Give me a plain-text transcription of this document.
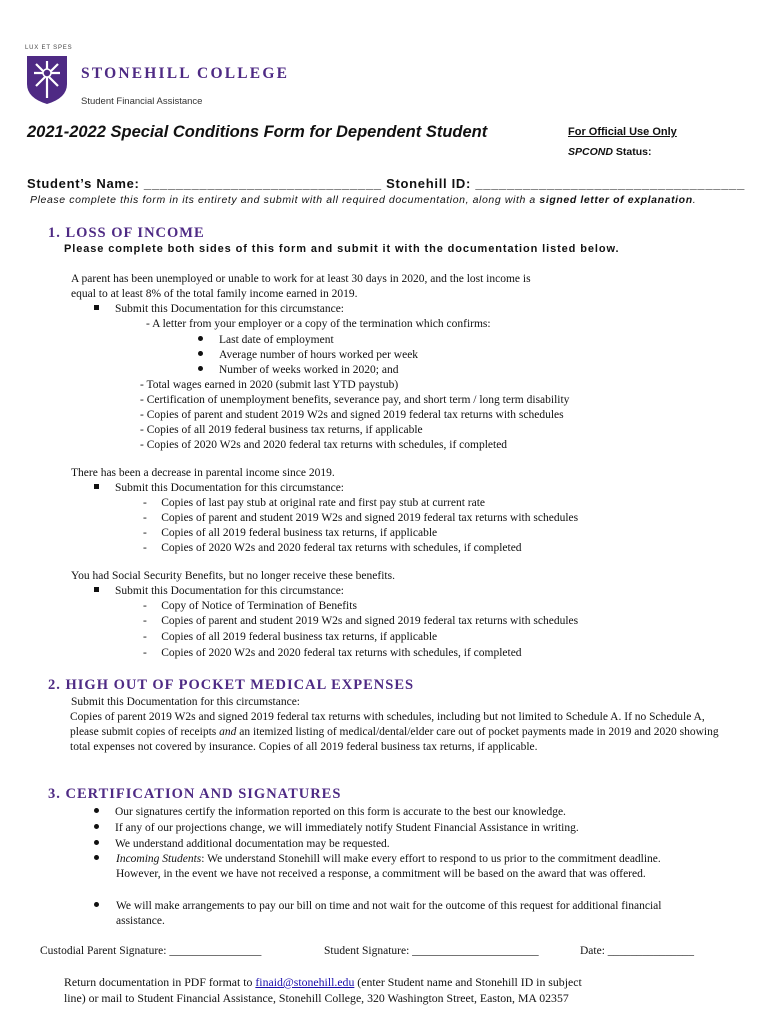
LUX ET SPES
STONEHILL COLLEGE
Student Financial Assistance
2021-2022 Special Conditions Form for Dependent Student	For Official Use Only
SPCOND Status:
Student’s Name: ______________________________ Stonehill ID: __________________________________
Please complete this form in its entirety and submit with all required documentation, along with a signed letter of explanation.
1. LOSS OF INCOME
Please complete both sides of this form and submit it with the documentation listed below.
A parent has been unemployed or unable to work for at least 30 days in 2020, and the lost income is
equal to at least 8% of the total family income earned in 2019.
Submit this Documentation for this circumstance:
- A letter from your employer or a copy of the termination which confirms:
Last date of employment
Average number of hours worked per week
Number of weeks worked in 2020; and
- Total wages earned in 2020 (submit last YTD paystub)
- Certification of unemployment benefits, severance pay, and short term / long term disability
- Copies of parent and student 2019 W2s and signed 2019 federal tax returns with schedules
- Copies of all 2019 federal business tax returns, if applicable
- Copies of 2020 W2s and 2020 federal tax returns with schedules, if completed
There has been a decrease in parental income since 2019.
Submit this Documentation for this circumstance:
-     Copies of last pay stub at original rate and first pay stub at current rate
-     Copies of parent and student 2019 W2s and signed 2019 federal tax returns with schedules
-     Copies of all 2019 federal business tax returns, if applicable
-     Copies of 2020 W2s and 2020 federal tax returns with schedules, if completed
You had Social Security Benefits, but no longer receive these benefits.
Submit this Documentation for this circumstance:
-     Copy of Notice of Termination of Benefits
-     Copies of parent and student 2019 W2s and signed 2019 federal tax returns with schedules
-     Copies of all 2019 federal business tax returns, if applicable
-     Copies of 2020 W2s and 2020 federal tax returns with schedules, if completed
2. HIGH OUT OF POCKET MEDICAL EXPENSES
Submit this Documentation for this circumstance:
Copies of parent 2019 W2s and signed 2019 federal tax returns with schedules, including but not limited to Schedule A. If no Schedule A, please submit copies of receipts and an itemized listing of medical/dental/elder care out of pocket payments made in 2019 and 2020 showing total expenses not covered by insurance. Copies of all 2019 federal business tax returns, if applicable.
3. CERTIFICATION AND SIGNATURES
Our signatures certify the information reported on this form is accurate to the best our knowledge.
If any of our projections change, we will immediately notify Student Financial Assistance in writing.
We understand additional documentation may be requested.
Incoming Students: We understand Stonehill will make every effort to respond to us prior to the commitment deadline. However, in the event we have not received a response, a commitment will be based on the award that was offered.
We will make arrangements to pay our bill on time and not wait for the outcome of this request for additional financial assistance.
Custodial Parent Signature: ________________	Student Signature: ______________________	Date: _______________
Return documentation in PDF format to finaid@stonehill.edu (enter Student name and Stonehill ID in subject
line) or mail to Student Financial Assistance, Stonehill College, 320 Washington Street, Easton, MA 02357
